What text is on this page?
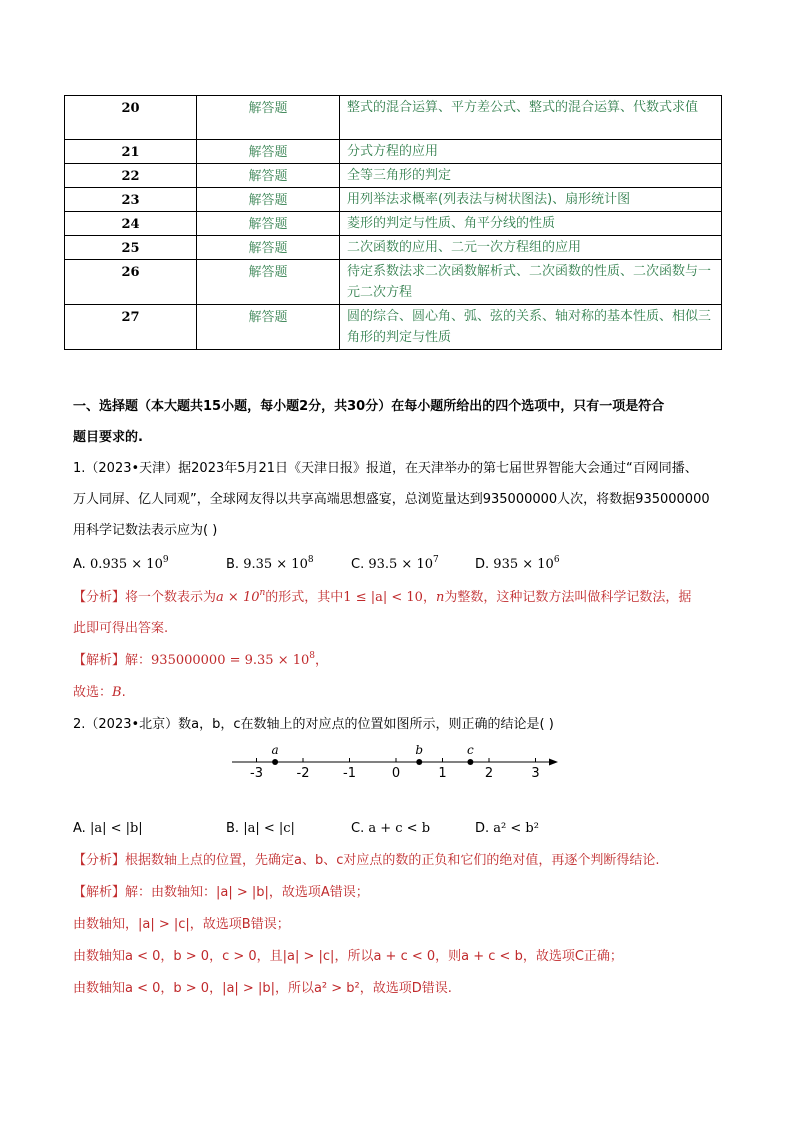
20	解答题	整式的混合运算、平方差公式、整式的混合运算、代数式求值
21	解答题	分式方程的应用
22	解答题	全等三角形的判定
23	解答题	用列举法求概率(列表法与树状图法)、扇形统计图
24	解答题	菱形的判定与性质、角平分线的性质
25	解答题	二次函数的应用、二元一次方程组的应用
26	解答题	待定系数法求二次函数解析式、二次函数的性质、二次函数与一元二次方程
27	解答题	圆的综合、圆心角、弧、弦的关系、轴对称的基本性质、相似三角形的判定与性质
一、选择题（本大题共15小题，每小题2分，共30分）在每小题所给出的四个选项中，只有一项是符合
题目要求的.
1.（2023•天津）据2023年5月21日《天津日报》报道，在天津举办的第七届世界智能大会通过“百网同播、
万人同屏、亿人同观”，全球网友得以共享高端思想盛宴，总浏览量达到935000000人次，将数据935000000
用科学记数法表示应为( )
A. $0.935 \times 10^9$	B. $9.35 \times 10^8$	C. $93.5 \times 10^7$	D. $935 \times 10^6$
【分析】将一个数表示为$a \times 10^n$的形式，其中1 ≤ |a| < 10，n为整数，这种记数方法叫做科学记数法，据
此即可得出答案.
【解析】解：$935000000 = 9.35 \times 10^8$，
故选：B.
2.（2023•北京）数a，b，c在数轴上的对应点的位置如图所示，则正确的结论是( )
-3	-2	-1	0	1	2	3
a	b	c
A. |a| < |b|	B. |a| < |c|	C. a + c < b	D. a² < b²
【分析】根据数轴上点的位置，先确定a、b、c对应点的数的正负和它们的绝对值，再逐个判断得结论.
【解析】解：由数轴知：|a| > |b|，故选项A错误；
由数轴知，|a| > |c|，故选项B错误；
由数轴知a < 0，b > 0，c > 0，且|a| > |c|，所以a + c < 0，则a + c < b，故选项C正确；
由数轴知a < 0，b > 0，|a| > |b|，所以a² > b²，故选项D错误.
